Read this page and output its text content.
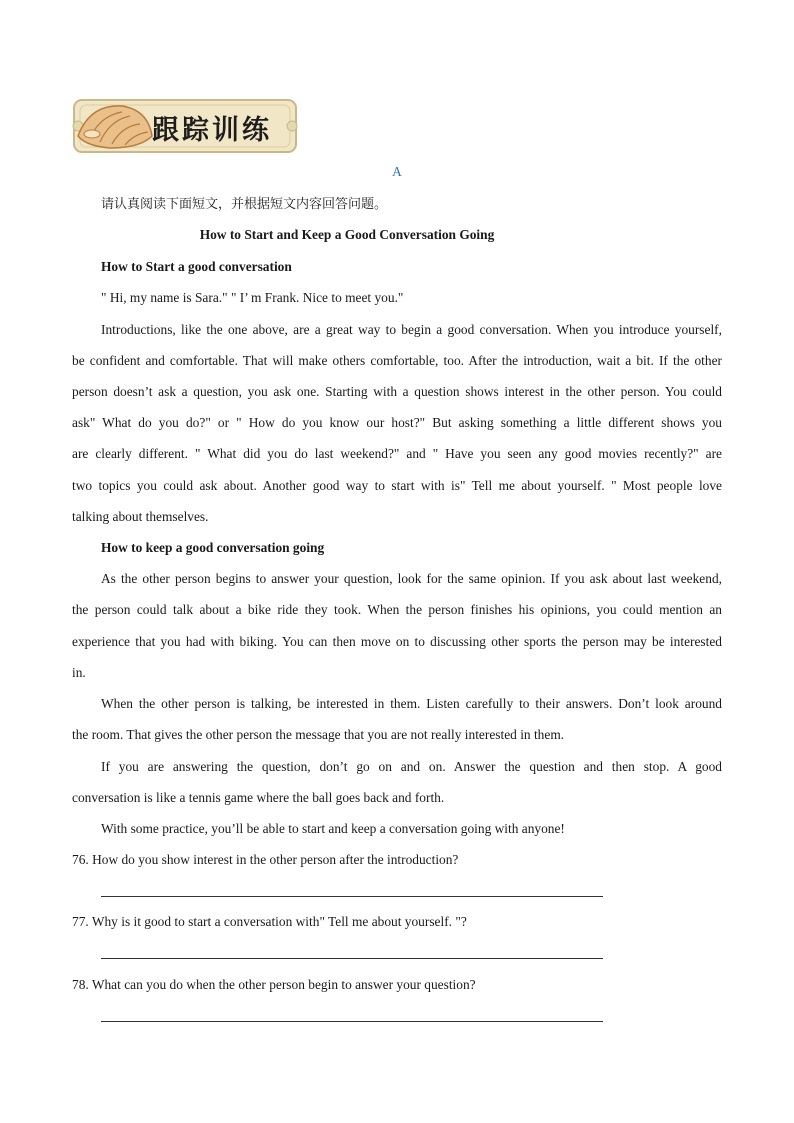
跟踪训练
A
请认真阅读下面短文，并根据短文内容回答问题。
How to Start and Keep a Good Conversation Going
How to Start a good conversation
" Hi, my name is Sara." " I’ m Frank. Nice to meet you."
Introductions, like the one above, are a great way to begin a good conversation. When you introduce yourself,
be confident and comfortable. That will make others comfortable, too. After the introduction, wait a bit. If the other
person doesn’t ask a question, you ask one. Starting with a question shows interest in the other person. You could
ask" What do you do?" or " How do you know our host?" But asking something a little different shows you
are clearly different. " What did you do last weekend?" and " Have you seen any good movies recently?" are
two topics you could ask about. Another good way to start with is" Tell me about yourself. " Most people love
talking about themselves.
How to keep a good conversation going
As the other person begins to answer your question, look for the same opinion. If you ask about last weekend,
the person could talk about a bike ride they took. When the person finishes his opinions, you could mention an
experience that you had with biking. You can then move on to discussing other sports the person may be interested
in.
When the other person is talking, be interested in them. Listen carefully to their answers. Don’t look around
the room. That gives the other person the message that you are not really interested in them.
If you are answering the question, don’t go on and on. Answer the question and then stop. A good
conversation is like a tennis game where the ball goes back and forth.
With some practice, you’ll be able to start and keep a conversation going with anyone!
76. How do you show interest in the other person after the introduction?
77. Why is it good to start a conversation with" Tell me about yourself. "?
78. What can you do when the other person begin to answer your question?
